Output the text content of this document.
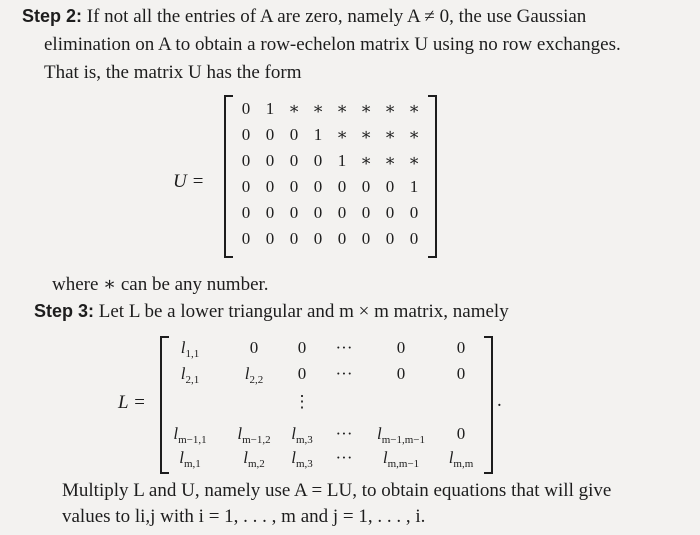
Step 2: If not all the entries of A are zero, namely A ≠ 0, the use Gaussian
elimination on A to obtain a row-echelon matrix U using no row exchanges.
That is, the matrix U has the form
U =
0 1 ∗ ∗ ∗ ∗ ∗ ∗
0 0 0 1 ∗ ∗ ∗ ∗
0 0 0 0 1 ∗ ∗ ∗
0 0 0 0 0 0 0 1
0 0 0 0 0 0 0 0
0 0 0 0 0 0 0 0
where ∗ can be any number.
Step 3: Let L be a lower triangular and m × m matrix, namely
L =
$l_{1,1}$	0	0	···	0	0
$l_{2,1}$	$l_{2,2}$	0	···	0	0
⋮
$l_{m-1,1}$	$l_{m-1,2}$	$l_{m,3}$	···	$l_{m-1,m-1}$	0
$l_{m,1}$	$l_{m,2}$	$l_{m,3}$	···	$l_{m,m-1}$	$l_{m,m}$
.
Multiply L and U, namely use A = LU, to obtain equations that will give
values to li,j with i = 1, . . . , m and j = 1, . . . , i.
